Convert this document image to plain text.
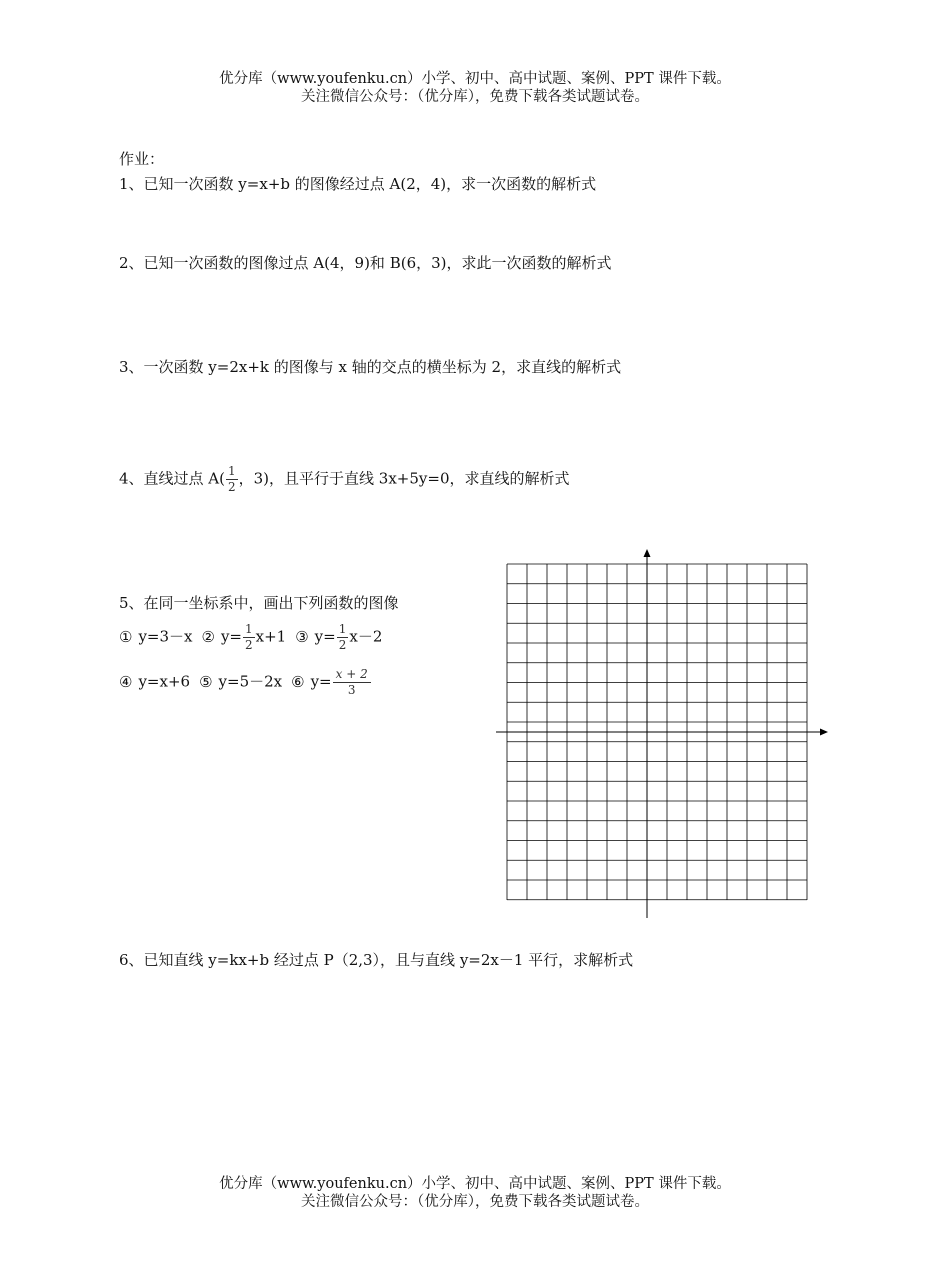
优分库（www.youfenku.cn）小学、初中、高中试题、案例、PPT 课件下载。
关注微信公众号：（优分库），免费下载各类试题试卷。
作业：
1、已知一次函数 y=x+b 的图像经过点 A(2，4)，求一次函数的解析式
2、已知一次函数的图像过点 A(4，9)和 B(6，3)，求此一次函数的解析式
3、一次函数 y=2x+k 的图像与 x 轴的交点的横坐标为 2，求直线的解析式
4、直线过点 $A( \frac{1}{2}$ ，3)，且平行于直线 3x+5y=0，求直线的解析式
5、在同一坐标系中，画出下列函数的图像
① y=3－x ② $y= \frac{1}{2} x+1$ ③ $y= \frac{1}{2} x-2$
④ y=x+6 ⑤ y=5－2x ⑥ $y= \frac{x + 2}{3}$
6、已知直线 y=kx+b 经过点 P（2,3），且与直线 y=2x－1 平行，求解析式
优分库（www.youfenku.cn）小学、初中、高中试题、案例、PPT 课件下载。
关注微信公众号：（优分库），免费下载各类试题试卷。
